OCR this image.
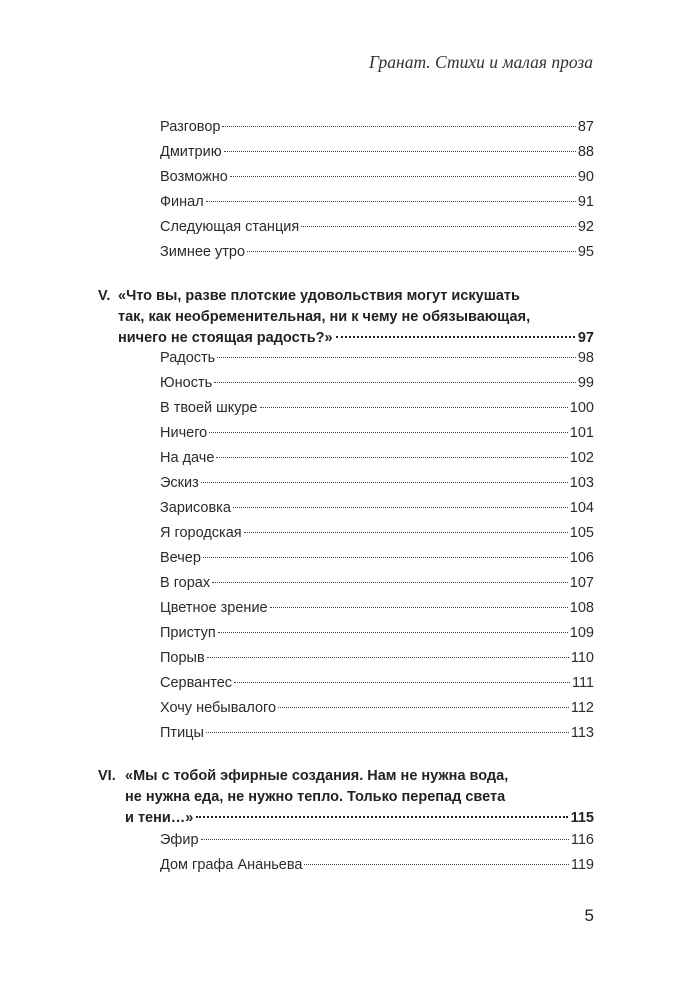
Гранат. Стихи и малая проза
Разговор	87
Дмитрию	88
Возможно	90
Финал	91
Следующая станция	92
Зимнее утро	95
V. «Что вы, разве плотские удовольствия могут искушать
так, как необременительная, ни к чему не обязывающая,
ничего не стоящая радость?»	97
Радость	98
Юность	99
В твоей шкуре	100
Ничего	101
На даче	102
Эскиз	103
Зарисовка	104
Я городская	105
Вечер	106
В горах	107
Цветное зрение	108
Приступ	109
Порыв	110
Сервантес	111
Хочу небывалого	112
Птицы	113
VI. «Мы с тобой эфирные создания. Нам не нужна вода,
не нужна еда, не нужно тепло. Только перепад света
и тени…»	115
Эфир	116
Дом графа Ананьева	119
5
